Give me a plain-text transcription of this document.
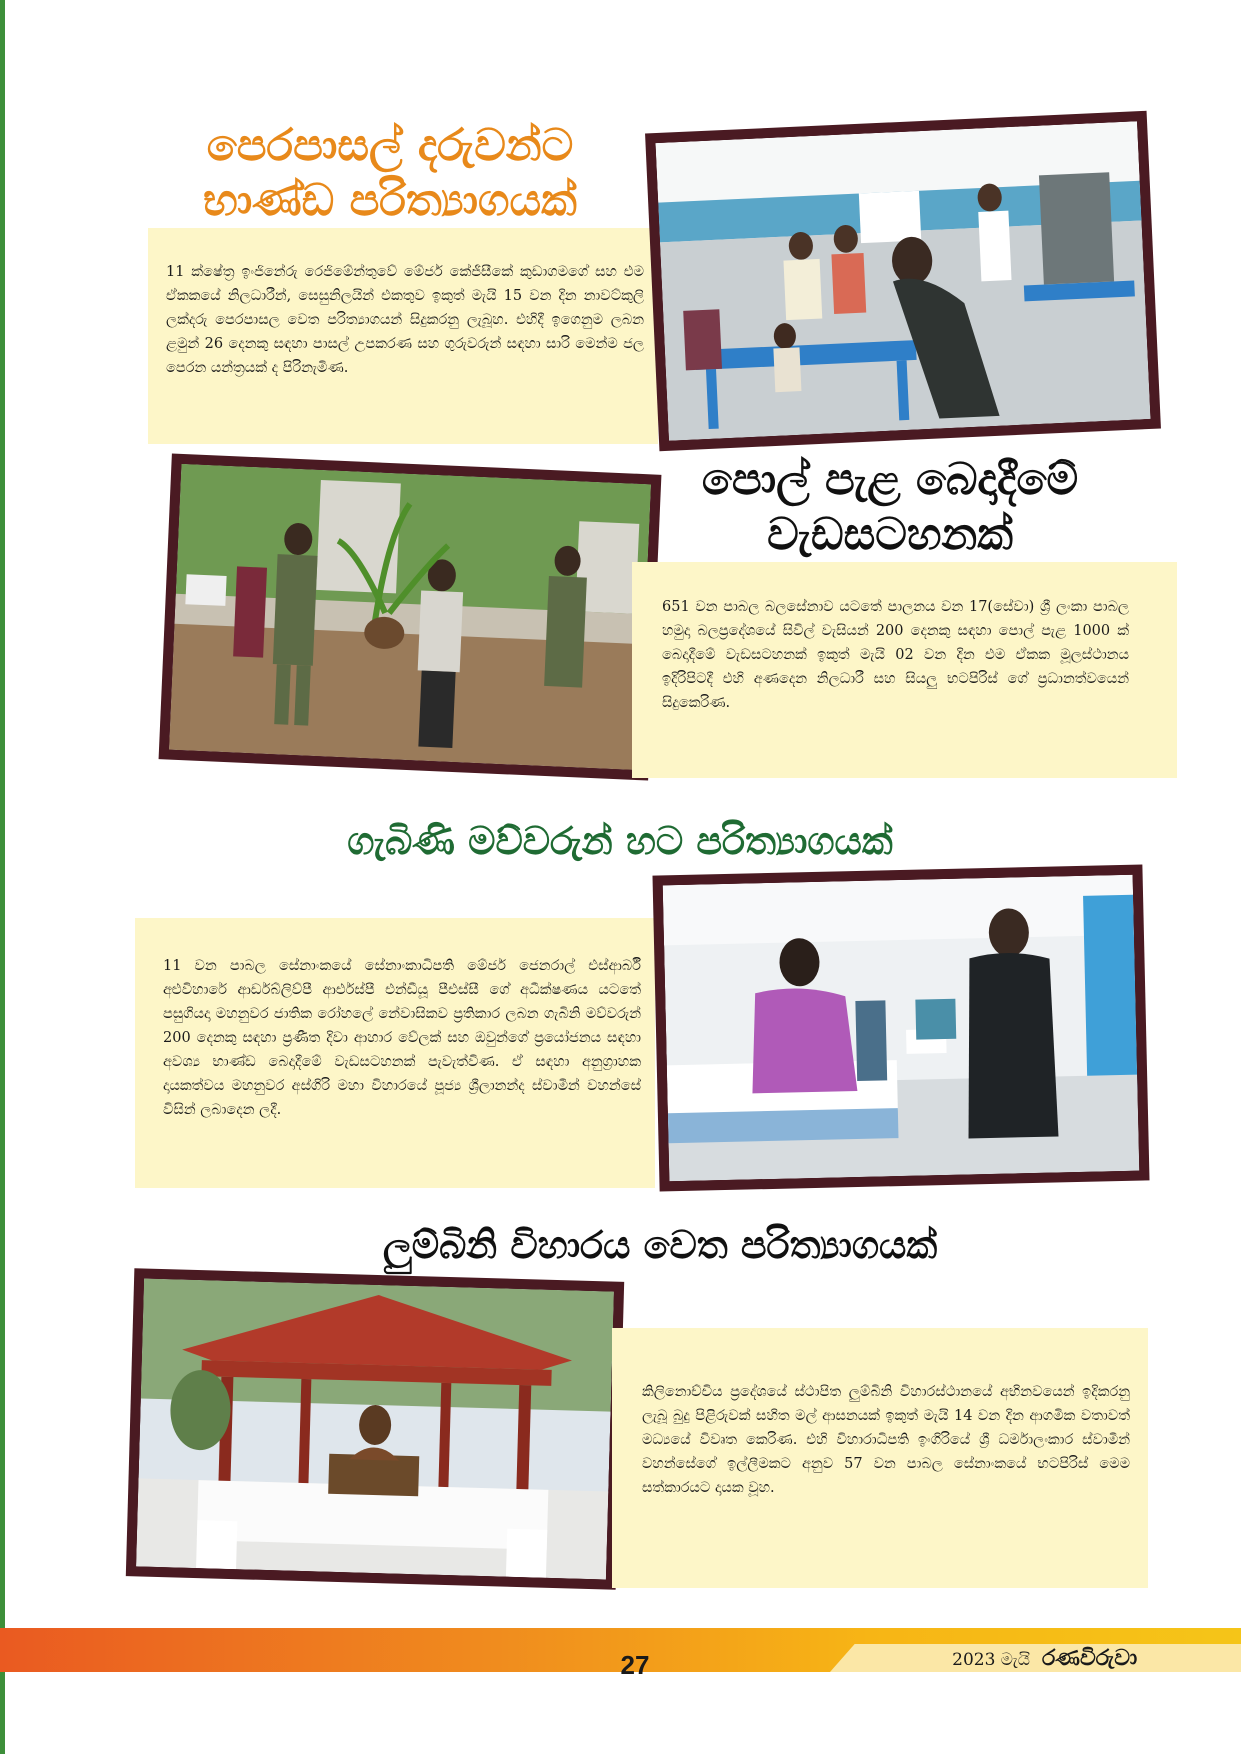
පෙරපාසල් දරුවන්ට
භාණ්ඩ පරිත්‍යාගයක්

11 ක්ෂේත්‍ර ඉංජිනේරු රෙජිමේන්තුවේ මේජර් කේජීසීකේ කුඩාගමගේ සහ එම ඒකකයේ නිලධාරීන්, සෙසුනිලයින් එකතුව ඉකුත් මැයි 15 වන දින නාවට්කුලි ලක්දරු පෙරපාසල වෙත පරිත්‍යාගයන් සිදුකරනු ලැබූහ. එහිදී ඉගෙනුම ලබන ළමුන් 26 දෙනකු සඳහා පාසල් උපකරණ සහ ගුරුවරුන් සඳහා සාරි මෙන්ම ජල පෙරන යන්ත්‍රයක් ද පිරිනැමිණ.

පොල් පැළ බෙදාදීමේ
වැඩසටහනක්

651 වන පාබල බලසේනාව යටතේ පාලනය වන 17(සේවා) ශ්‍රී ලංකා පාබල හමුදා බලප්‍රදේශයේ සිවිල් වැසියන් 200 දෙනකු සඳහා පොල් පැළ 1000 ක් බෙදාදීමේ වැඩසටහනක් ඉකුත් මැයි 02 වන දින එම ඒකක මූලස්ථානය ඉදිරිපිටදී එහි අණදෙන නිලධාරී සහ සියලු භටපිරිස් ගේ ප්‍රධානත්වයෙන් සිදුකෙරිණ.

ගැබිණි මව්වරුන් හට පරිත්‍යාගයක්

11 වන පාබල සේනාංකයේ සේනාංකාධිපති මේජර් ජෙනරාල් එස්ආර්බී අළුවිහාරේ ආර්ඩබ්ලිව්පී ආර්එස්පී එන්ඩීයූ පීඑස්සී ගේ අධීක්ෂණය යටතේ පසුගියදා මහනුවර ජාතික රෝහලේ නේවාසිකව ප්‍රතිකාර ලබන ගැබිනි මව්වරුන් 200 දෙනකු සඳහා ප්‍රණීත දිවා ආහාර වේලක් සහ ඔවුන්ගේ ප්‍රයෝජනය සඳහා අවශ්‍ය භාණ්ඩ බෙදාදීමේ වැඩසටහනක් පැවැත්විණ. ඒ සඳහා අනුග්‍රාහක දායකත්වය මහනුවර අස්ගිරි මහා විහාරයේ පූජ්‍ය ශ්‍රීලානන්ද ස්වාමීන් වහන්සේ විසින් ලබාදෙන ලදී.

ලුම්බිනි විහාරය වෙත පරිත්‍යාගයක්

කිලිනොච්චිය ප්‍රදේශයේ ස්ථාපිත ලුම්බිනි විහාරස්ථානයේ අභිනවයෙන් ඉදිකරනු ලැබූ බුදු පිළිරුවක් සහිත මල් ආසනයක් ඉකුත් මැයි 14 වන දින ආගමික වතාවත් මධ්‍යයේ විවෘත කෙරිණ. එහි විහාරාධිපති ඉංගිරියේ ශ්‍රී ධර්මාලංකාර ස්වාමීන් වහන්සේගේ ඉල්ලීමකට අනුව 57 වන පාබල සේනාංකයේ භටපිරිස් මෙම සත්කාරයට දායක වූහ.

27	2023 මැයි රණවිරුවා
